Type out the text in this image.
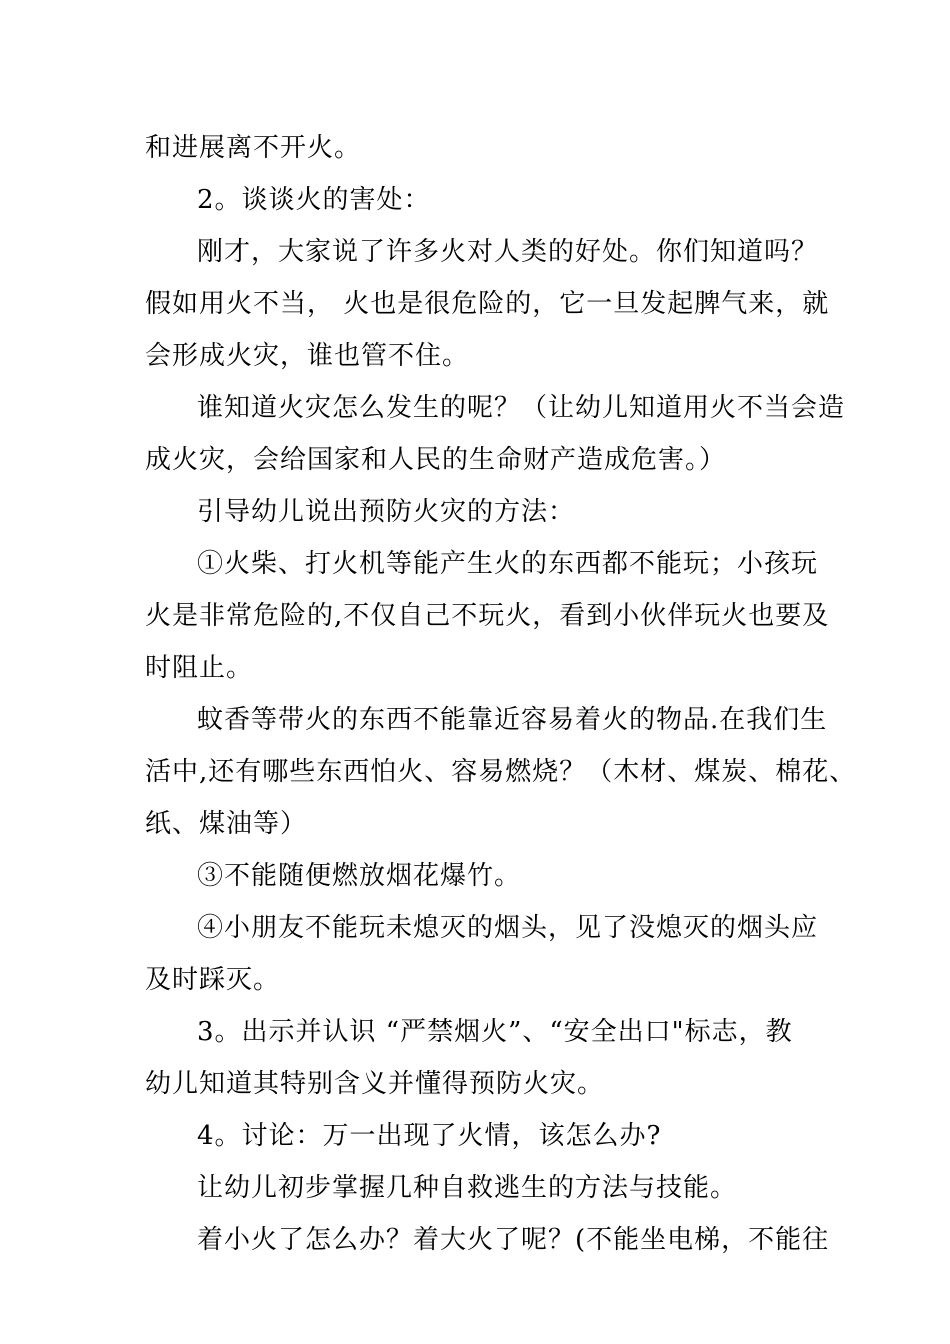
和进展离不开火。
2。谈谈火的害处：
刚才，大家说了许多火对人类的好处。你们知道吗？
假如用火不当， 火也是很危险的，它一旦发起脾气来，就
会形成火灾，谁也管不住。
谁知道火灾怎么发生的呢？（让幼儿知道用火不当会造
成火灾，会给国家和人民的生命财产造成危害。）
引导幼儿说出预防火灾的方法：
①火柴、打火机等能产生火的东西都不能玩；小孩玩
火是非常危险的,不仅自己不玩火，看到小伙伴玩火也要及
时阻止。
蚊香等带火的东西不能靠近容易着火的物品.在我们生
活中,还有哪些东西怕火、容易燃烧？（木材、煤炭、棉花、
纸、煤油等）
③不能随便燃放烟花爆竹。
④小朋友不能玩未熄灭的烟头，见了没熄灭的烟头应
及时踩灭。
3。出示并认识 “严禁烟火”、“安全出口"标志，教
幼儿知道其特别含义并懂得预防火灾。
4。讨论：万一出现了火情，该怎么办?
让幼儿初步掌握几种自救逃生的方法与技能。
着小火了怎么办？着大火了呢？(不能坐电梯，不能往
